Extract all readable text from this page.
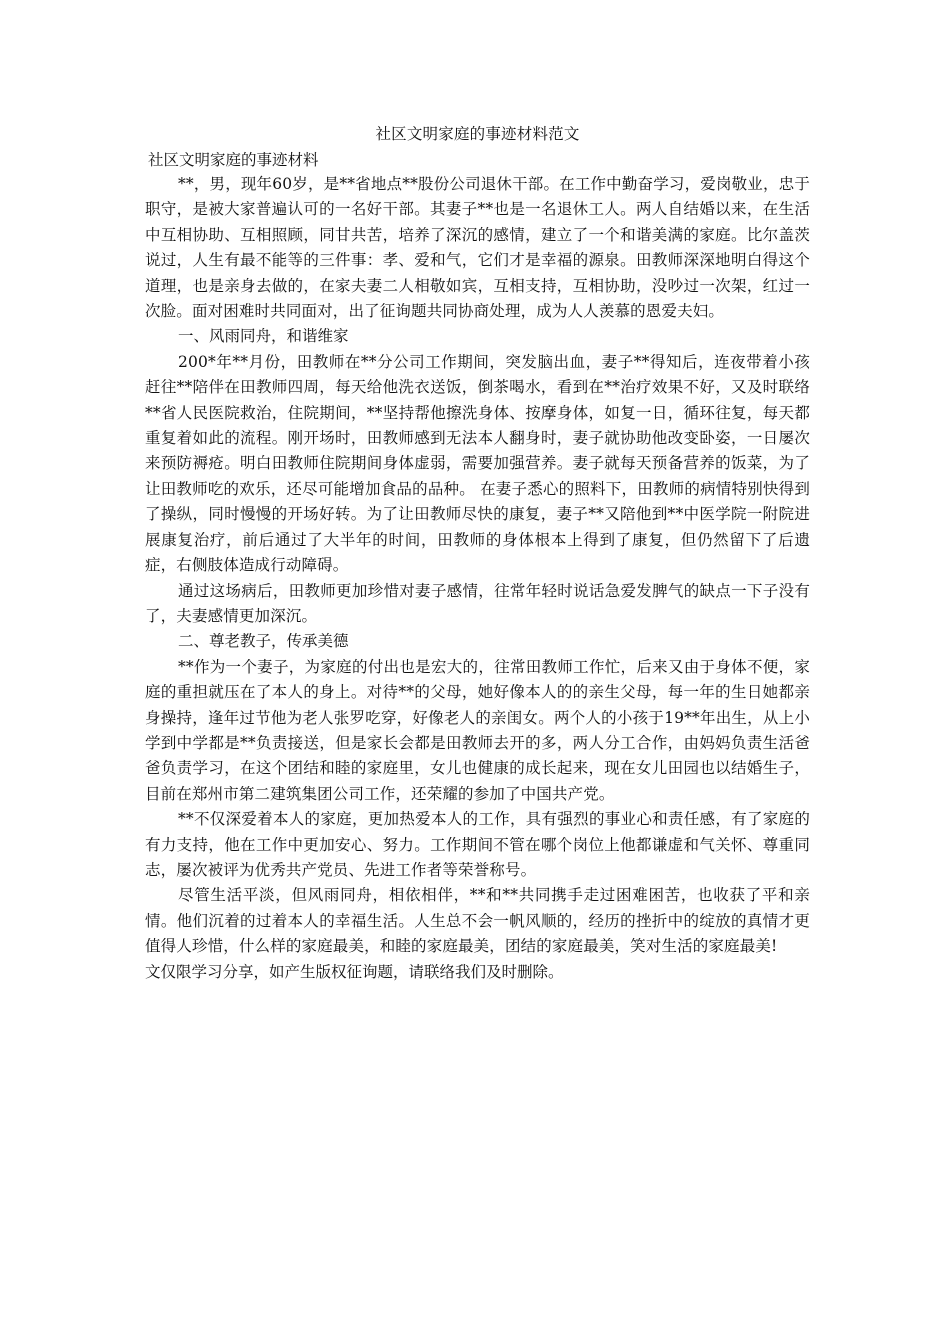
社区文明家庭的事迹材料范文
社区文明家庭的事迹材料

**，男，现年60岁，是**省地点**股份公司退休干部。在工作中勤奋学习，爱岗敬业，忠于职守，是被大家普遍认可的一名好干部。其妻子**也是一名退休工人。两人自结婚以来，在生活中互相协助、互相照顾，同甘共苦，培养了深沉的感情，建立了一个和谐美满的家庭。比尔盖茨说过，人生有最不能等的三件事：孝、爱和气，它们才是幸福的源泉。田教师深深地明白得这个道理，也是亲身去做的，在家夫妻二人相敬如宾，互相支持，互相协助，没吵过一次架，红过一次脸。面对困难时共同面对，出了征询题共同协商处理，成为人人羡慕的恩爱夫妇。

一、风雨同舟，和谐维家

200*年**月份，田教师在**分公司工作期间，突发脑出血，妻子**得知后，连夜带着小孩赶往**陪伴在田教师四周，每天给他洗衣送饭，倒茶喝水，看到在**治疗效果不好，又及时联络**省人民医院救治，住院期间，**坚持帮他擦洗身体、按摩身体，如复一日，循环往复，每天都重复着如此的流程。刚开场时，田教师感到无法本人翻身时，妻子就协助他改变卧姿，一日屡次来预防褥疮。明白田教师住院期间身体虚弱，需要加强营养。妻子就每天预备营养的饭菜，为了让田教师吃的欢乐，还尽可能增加食品的品种。 在妻子悉心的照料下，田教师的病情特别快得到了操纵，同时慢慢的开场好转。为了让田教师尽快的康复，妻子**又陪他到**中医学院一附院进展康复治疗，前后通过了大半年的时间，田教师的身体根本上得到了康复，但仍然留下了后遗症，右侧肢体造成行动障碍。

通过这场病后，田教师更加珍惜对妻子感情，往常年轻时说话急爱发脾气的缺点一下子没有了，夫妻感情更加深沉。

二、尊老教子，传承美德

**作为一个妻子，为家庭的付出也是宏大的，往常田教师工作忙，后来又由于身体不便，家庭的重担就压在了本人的身上。对待**的父母，她好像本人的的亲生父母，每一年的生日她都亲身操持，逢年过节他为老人张罗吃穿，好像老人的亲闺女。两个人的小孩于19**年出生，从上小学到中学都是**负责接送，但是家长会都是田教师去开的多，两人分工合作，由妈妈负责生活爸爸负责学习，在这个团结和睦的家庭里，女儿也健康的成长起来，现在女儿田园也以结婚生子，目前在郑州市第二建筑集团公司工作，还荣耀的参加了中国共产党。

**不仅深爱着本人的家庭，更加热爱本人的工作，具有强烈的事业心和责任感，有了家庭的有力支持，他在工作中更加安心、努力。工作期间不管在哪个岗位上他都谦虚和气关怀、尊重同志，屡次被评为优秀共产党员、先进工作者等荣誉称号。

尽管生活平淡，但风雨同舟，相依相伴，**和**共同携手走过困难困苦，也收获了平和亲情。他们沉着的过着本人的幸福生活。人生总不会一帆风顺的，经历的挫折中的绽放的真情才更值得人珍惜，什么样的家庭最美，和睦的家庭最美，团结的家庭最美，笑对生活的家庭最美!

文仅限学习分享，如产生版权征询题，请联络我们及时删除。
